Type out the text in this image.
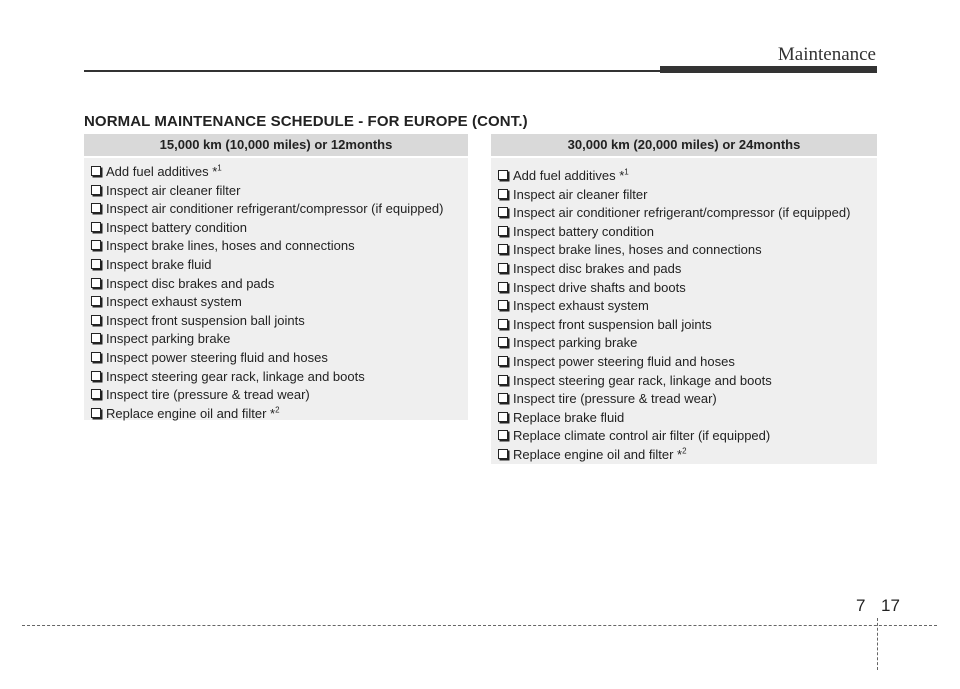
Maintenance
NORMAL MAINTENANCE SCHEDULE - FOR EUROPE (CONT.)
15,000 km (10,000 miles) or 12months
Add fuel additives *$^1$
Inspect air cleaner filter
Inspect air conditioner refrigerant/compressor (if equipped)
Inspect battery condition
Inspect brake lines, hoses and connections
Inspect brake fluid
Inspect disc brakes and pads
Inspect exhaust system
Inspect front suspension ball joints
Inspect parking brake
Inspect power steering fluid and hoses
Inspect steering gear rack, linkage and boots
Inspect tire (pressure & tread wear)
Replace engine oil and filter *$^2$
30,000 km (20,000 miles) or 24months
Add fuel additives *$^1$
Inspect air cleaner filter
Inspect air conditioner refrigerant/compressor (if equipped)
Inspect battery condition
Inspect brake lines, hoses and connections
Inspect disc brakes and pads
Inspect drive shafts and boots
Inspect exhaust system
Inspect front suspension ball joints
Inspect parking brake
Inspect power steering fluid and hoses
Inspect steering gear rack, linkage and boots
Inspect tire (pressure & tread wear)
Replace brake fluid
Replace climate control air filter (if equipped)
Replace engine oil and filter *$^2$
7 17
